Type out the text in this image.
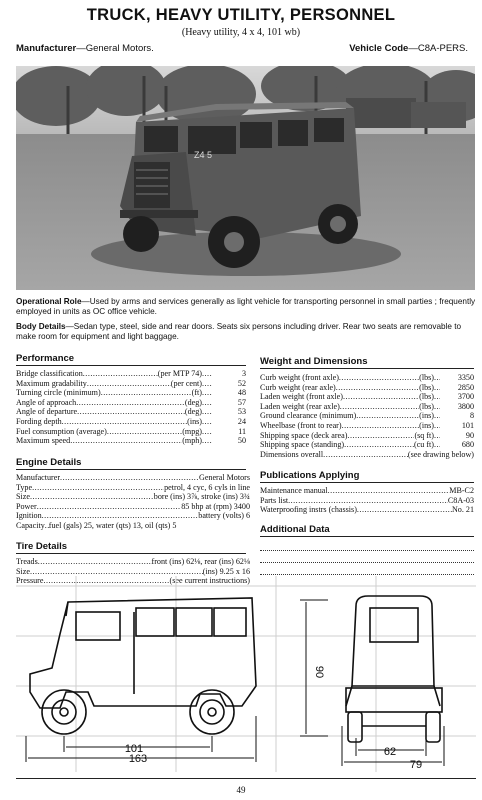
TRUCK, HEAVY UTILITY, PERSONNEL
(Heavy utility, 4 x 4, 101 wb)
Manufacturer—General Motors.	Vehicle Code—C8A-PERS.
Z4 5
Operational Role—Used by arms and services generally as light vehicle for transporting personnel in small parties ; frequently employed in units as OC office vehicle.
Body Details—Sedan type, steel, side and rear doors. Seats six persons including driver. Rear two seats are removable to make room for equipment and light baggage.
Performance
Bridge classification .....	(per MTP 74) .....	3
Maximum gradability .....	(per cent) .....	52
Turning circle (minimum) .....	(ft) .....	48
Angle of approach .....	(deg) .....	57
Angle of departure .....	(deg) .....	53
Fording depth .....	(ins) .....	24
Fuel consumption (average) .....	(mpg) .....	11
Maximum speed .....	(mph) .....	50
Engine Details
Manufacturer .....	General Motors
Type .....	petrol, 4 cyc, 6 cyls in line
Size .....	bore (ins) 3⅞, stroke (ins) 3¾
Power .....	85 bhp at (rpm) 3400
Ignition .....	battery (volts) 6
Capacity ..... fuel (gals) 25, water (qts) 13, oil (qts) 5
Tire Details
Treads .....	front (ins) 62⅛, rear (ins) 62⅛
Size .....	(ins) 9.25 x 16
Pressure .....	(see current instructions)
Weight and Dimensions
Curb weight (front axle) .....	(lbs) .....	3350
Curb weight (rear axle) .....	(lbs) .....	2850
Laden weight (front axle) .....	(lbs) .....	3700
Laden weight (rear axle) .....	(lbs) .....	3800
Ground clearance (minimum) .....	(ins) .....	8
Wheelbase (front to rear) .....	(ins) .....	101
Shipping space (deck area) .....	(sq ft) .....	90
Shipping space (standing) .....	(cu ft) .....	680
Dimensions overall .....	(see drawing below)
Publications Applying
Maintenance manual .....	MB-C2
Parts list .....	C8A-03
Waterproofing instrs (chassis) .....	No. 21
Additional Data
101
163
90
62
79
49
